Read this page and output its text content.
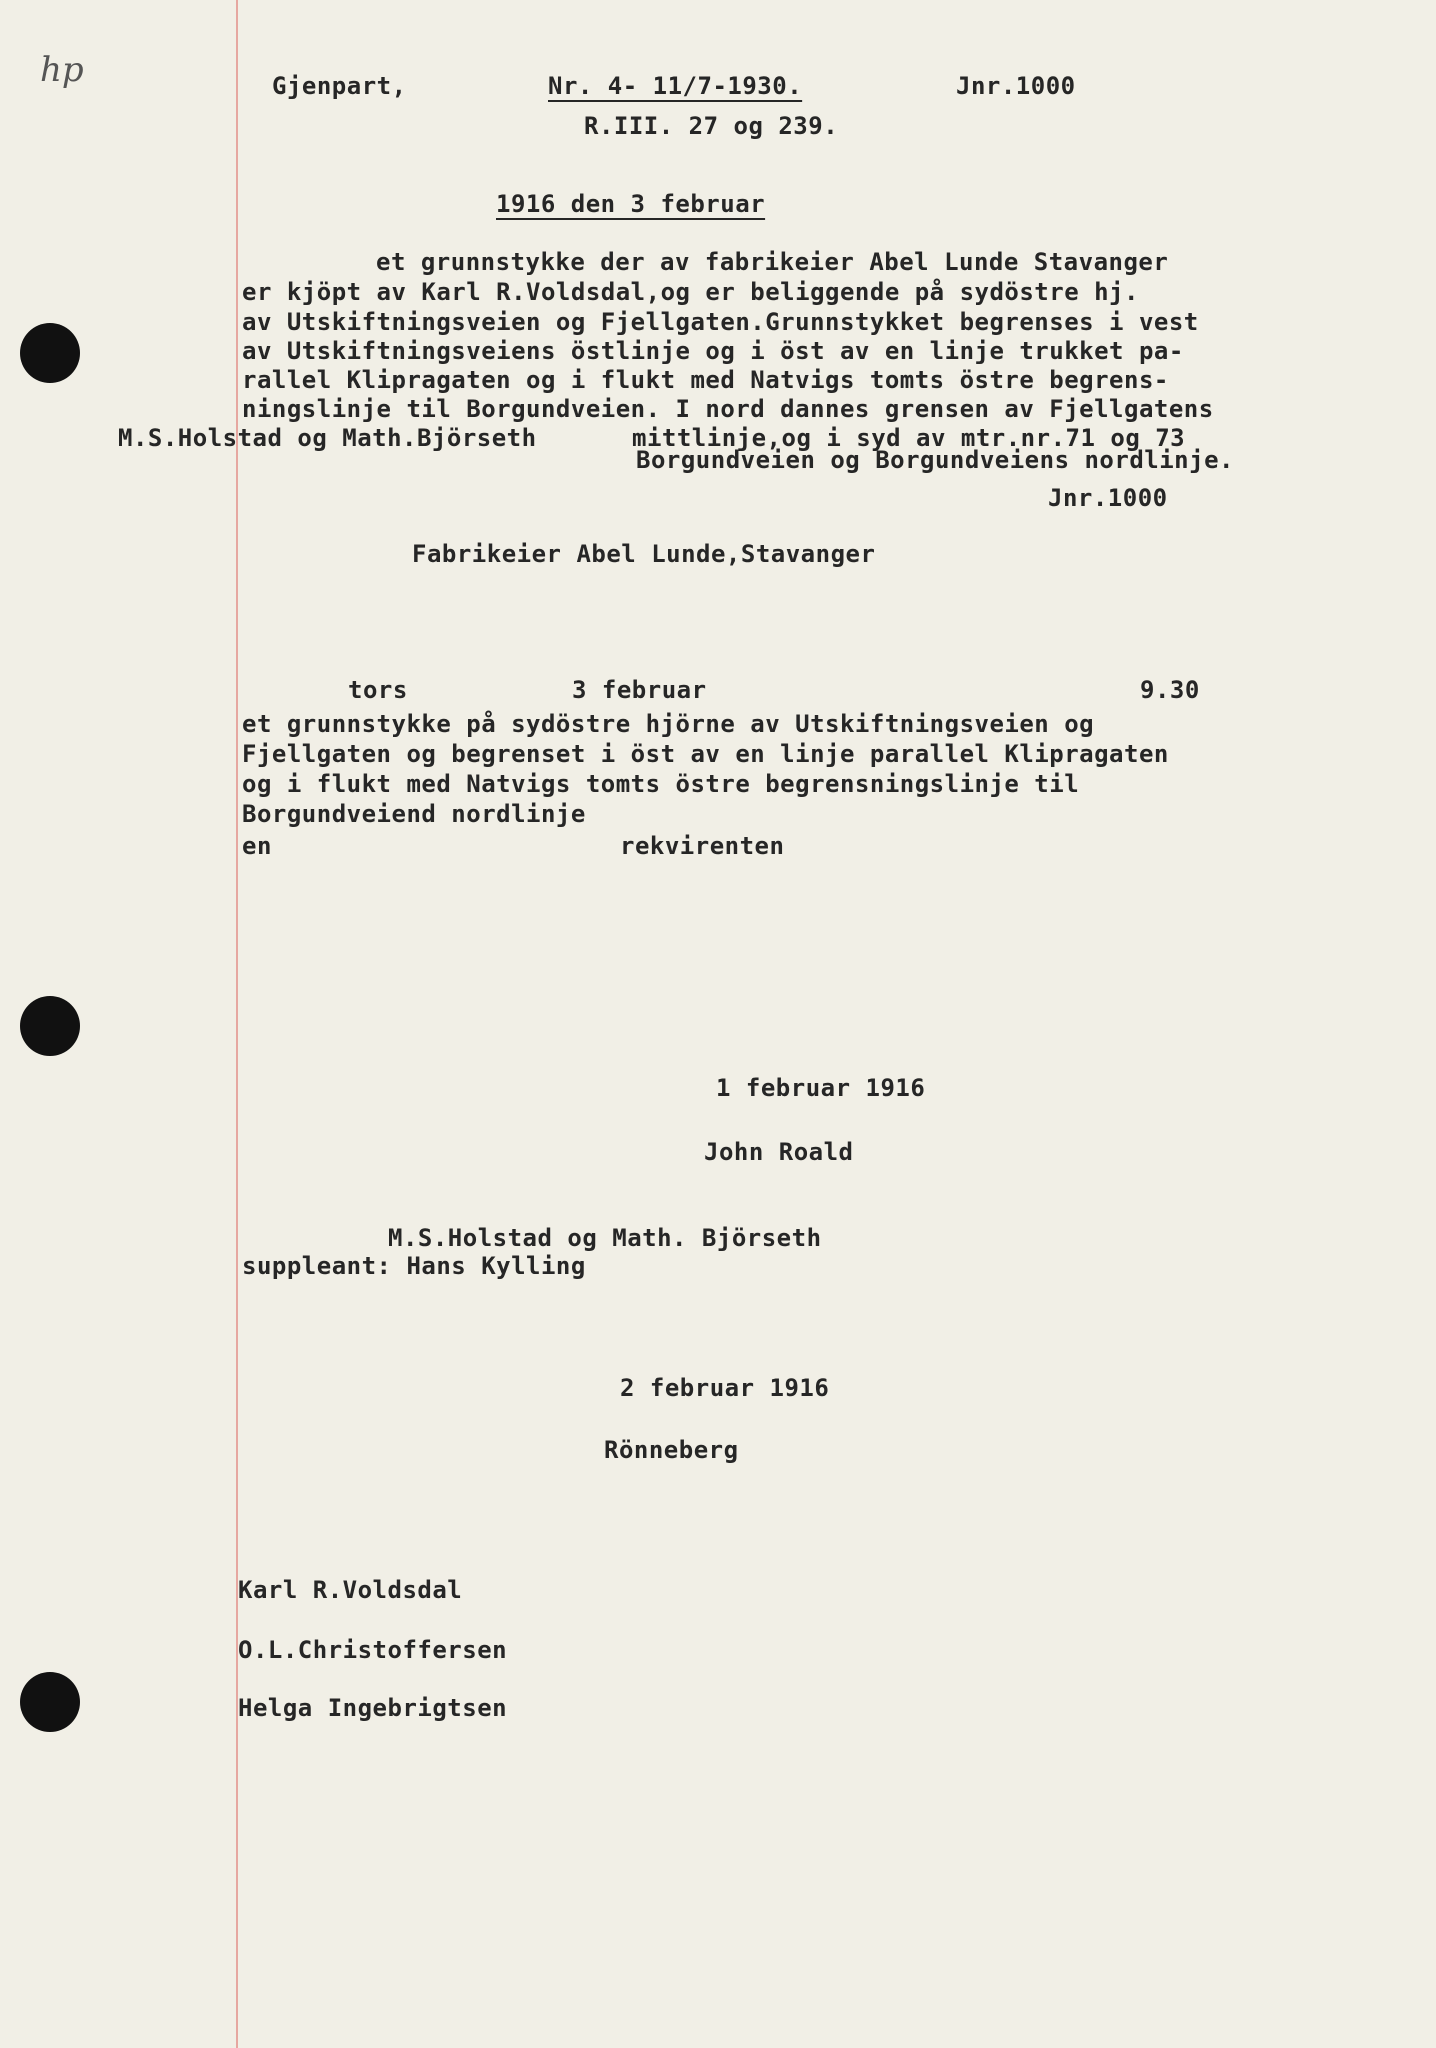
hp	Gjenpart,	Nr. 4- 11/7-1930.	Jnr.1000
R.III. 27 og 239.
1916 den 3 februar
et grunnstykke der av fabrikeier Abel Lunde Stavanger
er kjöpt av Karl R.Voldsdal,og er beliggende på sydöstre hj.
av Utskiftningsveien og Fjellgaten.Grunnstykket begrenses i vest
av Utskiftningsveiens östlinje og i öst av en linje trukket pa-
rallel Klipragaten og i flukt med Natvigs tomts östre begrens-
ningslinje til Borgundveien. I nord dannes grensen av Fjellgatens
mittlinje,og i syd av mtr.nr.71 og 73
Borgundveien og Borgundveiens nordlinje.
M.S.Holstad og Math.Björseth
Jnr.1000
Fabrikeier Abel Lunde,Stavanger
tors	3 februar	9.30
et grunnstykke på sydöstre hjörne av Utskiftningsveien og
Fjellgaten og begrenset i öst av en linje parallel Klipragaten
og i flukt med Natvigs tomts östre begrensningslinje til
Borgundveiend nordlinje
en	rekvirenten
1 februar 1916
John Roald
M.S.Holstad og Math. Björseth
suppleant: Hans Kylling
2 februar 1916
Rönneberg
Karl R.Voldsdal
O.L.Christoffersen
Helga Ingebrigtsen
